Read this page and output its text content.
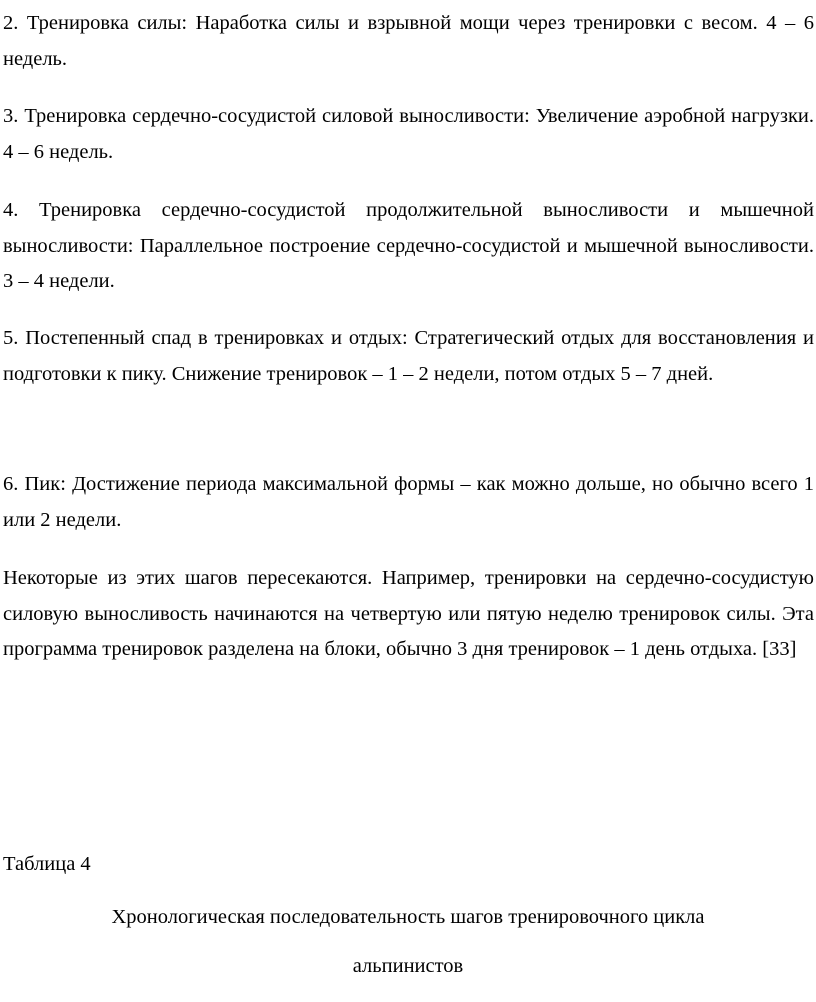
2. Тренировка силы: Наработка силы и взрывной мощи через тренировки с весом. 4 – 6 недель.

3. Тренировка сердечно-сосудистой силовой выносливости: Увеличение аэробной нагрузки. 4 – 6 недель.

4. Тренировка сердечно-сосудистой продолжительной выносливости и мышечной выносливости: Параллельное построение сердечно-сосудистой и мышечной выносливости. 3 – 4 недели.

5. Постепенный спад в тренировках и отдых: Стратегический отдых для восстановления и подготовки к пику. Снижение тренировок – 1 – 2 недели, потом отдых 5 – 7 дней.

6. Пик: Достижение периода максимальной формы – как можно дольше, но обычно всего 1 или 2 недели.

Некоторые из этих шагов пересекаются. Например, тренировки на сердечно-сосудистую силовую выносливость начинаются на четвертую или пятую неделю тренировок силы. Эта программа тренировок разделена на блоки, обычно 3 дня тренировок – 1 день отдыха. [33]

Таблица 4

Хронологическая последовательность шагов тренировочного цикла

альпинистов
